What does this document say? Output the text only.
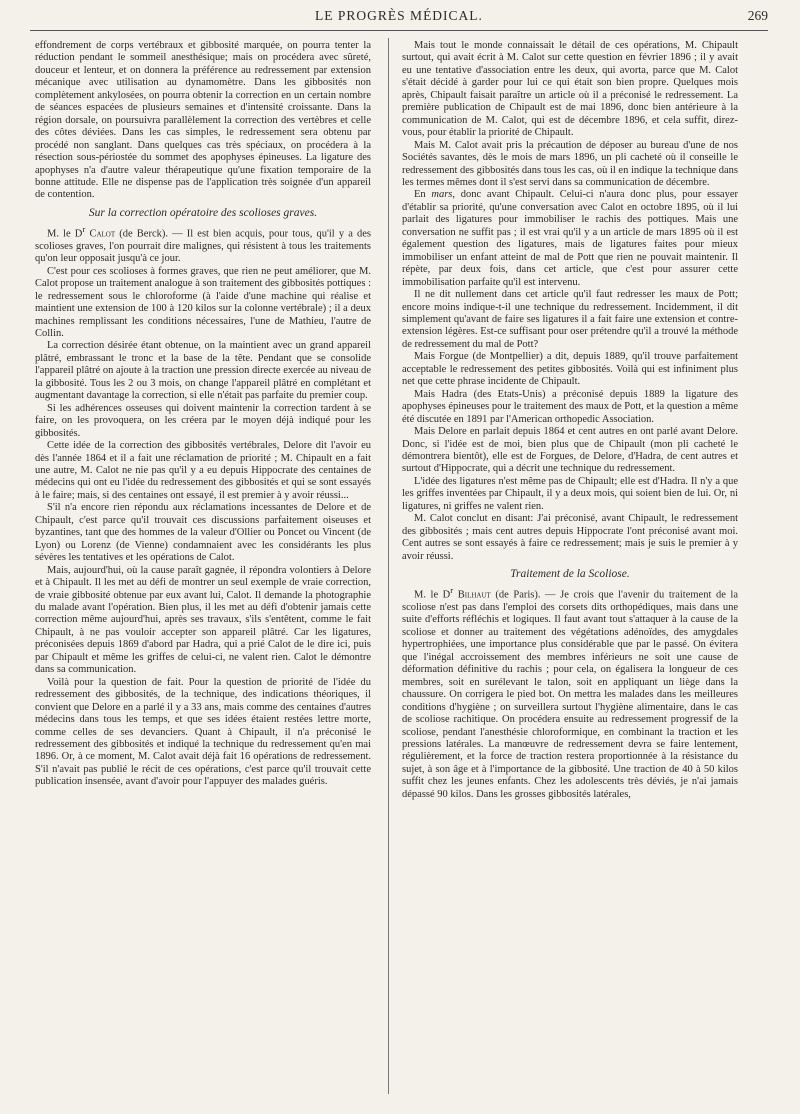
LE PROGRÈS MÉDICAL.	269

effondrement de corps vertébraux et gibbosité marquée, on pourra tenter la réduction pendant le sommeil anesthésique; mais on procédera avec sûreté, douceur et lenteur, et on donnera la préférence au redressement par extension mécanique avec utilisation au dynamomètre. Dans les gibbosités non complètement ankylosées, on pourra obtenir la correction en un certain nombre de séances espacées de plusieurs semaines et d'intensité croissante. Dans la région dorsale, on poursuivra parallèlement la correction des vertèbres et celle des côtes déviées. Dans les cas simples, le redressement sera obtenu par procédé non sanglant. Dans quelques cas très spéciaux, on procédera à la résection sous-périostée du sommet des apophyses épineuses. La ligature des apophyses n'a d'autre valeur thérapeutique qu'une fixation temporaire de la bonne attitude. Elle ne dispense pas de l'application très soignée d'un appareil de contention.

Sur la correction opératoire des scolioses graves.

M. le $D^r$ Calot (de Berck). — Il est bien acquis, pour tous, qu'il y a des scolioses graves, l'on pourrait dire malignes, qui résistent à tous les traitements qu'on leur opposait jusqu'à ce jour.

C'est pour ces scolioses à formes graves, que rien ne peut améliorer, que M. Calot propose un traitement analogue à son traitement des gibbosités pottiques : le redressement sous le chloroforme (à l'aide d'une machine qui réalise et maintient une extension de 100 à 120 kilos sur la colonne vertébrale) ; il a deux machines remplissant les conditions nécessaires, l'une de Mathieu, l'autre de Collin.

La correction désirée étant obtenue, on la maintient avec un grand appareil plâtré, embrassant le tronc et la base de la tête. Pendant que se consolide l'appareil plâtré on ajoute à la traction une pression directe exercée au niveau de la gibbosité. Tous les 2 ou 3 mois, on change l'appareil plâtré en complétant et augmentant davantage la correction, si elle n'était pas parfaite du premier coup.

Si les adhérences osseuses qui doivent maintenir la correction tardent à se faire, on les provoquera, on les créera par le moyen déjà indiqué pour les gibbosités.

Cette idée de la correction des gibbosités vertébrales, Delore dit l'avoir eu dès l'année 1864 et il a fait une réclamation de priorité ; M. Chipault en a fait une autre, M. Calot ne nie pas qu'il y a eu depuis Hippocrate des centaines de médecins qui ont eu l'idée du redressement des gibbosités et qui se sont essayés à le faire; mais, si des centaines ont essayé, il est premier à y avoir réussi...

S'il n'a encore rien répondu aux réclamations incessantes de Delore et de Chipault, c'est parce qu'il trouvait ces discussions parfaitement oiseuses et byzantines, tant que des hommes de la valeur d'Ollier ou Poncet ou Vincent (de Lyon) ou Lorenz (de Vienne) condamnaient avec les considérants les plus sévères les tentatives et les opérations de Calot.

Mais, aujourd'hui, où la cause paraît gagnée, il répondra volontiers à Delore et à Chipault. Il les met au défi de montrer un seul exemple de vraie correction, de vraie gibbosité obtenue par eux avant lui, Calot. Il demande la photographie du malade avant l'opération. Bien plus, il les met au défi d'obtenir jamais cette correction même aujourd'hui, après ses travaux, s'ils s'entêtent, comme le fait Chipault, à ne pas vouloir accepter son appareil plâtré. Car les ligatures, préconisées depuis 1869 d'abord par Hadra, qui a prié Calot de le dire ici, puis par Chipault et même les griffes de celui-ci, ne valent rien. Calot le démontre dans sa communication.

Voilà pour la question de fait. Pour la question de priorité de l'idée du redressement des gibbosités, de la technique, des indications théoriques, il convient que Delore en a parlé il y a 33 ans, mais comme des centaines d'autres médecins dans tous les temps, et que ses idées étaient restées lettre morte, comme celles de ses devanciers. Quant à Chipault, il n'a préconisé le redressement des gibbosités et indiqué la technique du redressement qu'en mai 1896. Or, à ce moment, M. Calot avait déjà fait 16 opérations de redressement. S'il n'avait pas publié le récit de ces opérations, c'est parce qu'il trouvait cette publication insensée, avant d'avoir pour l'appuyer des malades guéris.

Mais tout le monde connaissait le détail de ces opérations, M. Chipault surtout, qui avait écrit à M. Calot sur cette question en février 1896 ; il y avait eu une tentative d'association entre les deux, qui avorta, parce que M. Calot s'était décidé à garder pour lui ce qui était son bien propre. Quelques mois après, Chipault faisait paraître un article où il a préconisé le redressement. La première publication de Chipault est de mai 1896, donc bien antérieure à la communication de M. Calot, qui est de décembre 1896, et cela suffit, direz-vous, pour établir la priorité de Chipault.

Mais M. Calot avait pris la précaution de déposer au bureau d'une de nos Sociétés savantes, dès le mois de mars 1896, un pli cacheté où il conseille le redressement des gibbosités dans tous les cas, où il en indique la technique dans les termes mêmes dont il s'est servi dans sa communication de décembre.

En mars, donc avant Chipault. Celui-ci n'aura donc plus, pour essayer d'établir sa priorité, qu'une conversation avec Calot en octobre 1895, où il lui parlait des ligatures pour immobiliser le rachis des pottiques. Mais une conversation ne suffit pas ; il est vrai qu'il y a un article de mars 1895 où il est également question des ligatures, mais de ligatures faites pour mieux immobiliser un enfant atteint de mal de Pott que rien ne pouvait maintenir. Il répète, par deux fois, dans cet article, que c'est pour assurer cette immobilisation parfaite qu'il est intervenu.

Il ne dit nullement dans cet article qu'il faut redresser les maux de Pott; encore moins indique-t-il une technique du redressement. Incidemment, il dit simplement qu'avant de faire ses ligatures il a fait faire une extension et contre-extension légères. Est-ce suffisant pour oser prétendre qu'il a trouvé la méthode de redressement du mal de Pott?

Mais Forgue (de Montpellier) a dit, depuis 1889, qu'il trouve parfaitement acceptable le redressement des petites gibbosités. Voilà qui est infiniment plus net que cette phrase incidente de Chipault.

Mais Hadra (des Etats-Unis) a préconisé depuis 1889 la ligature des apophyses épineuses pour le traitement des maux de Pott, et la question a même été discutée en 1891 par l'American orthopedic Association.

Mais Delore en parlait depuis 1864 et cent autres en ont parlé avant Delore. Donc, si l'idée est de moi, bien plus que de Chipault (mon pli cacheté le démontrera bientôt), elle est de Forgues, de Delore, d'Hadra, de cent autres et surtout d'Hippocrate, qui a décrit une technique du redressement.

L'idée des ligatures n'est même pas de Chipault; elle est d'Hadra. Il n'y a que les griffes inventées par Chipault, il y a deux mois, qui soient bien de lui. Or, ni ligatures, ni griffes ne valent rien.

M. Calot conclut en disant: J'ai préconisé, avant Chipault, le redressement des gibbosités ; mais cent autres depuis Hippocrate l'ont préconisé avant moi. Cent autres se sont essayés à faire ce redressement; mais je suis le premier à y avoir réussi.

Traitement de la Scoliose.

M. le $D^r$ Bilhaut (de Paris). — Je crois que l'avenir du traitement de la scoliose n'est pas dans l'emploi des corsets dits orthopédiques, mais dans une suite d'efforts réfléchis et logiques. Il faut avant tout s'attaquer à la cause de la scoliose et donner au traitement des végétations adénoïdes, des amygdales hypertrophiées, une importance plus considérable que par le passé. On évitera que l'inégal accroissement des membres inférieurs ne soit une cause de déformation définitive du rachis ; pour cela, on égalisera la longueur de ces membres, soit en surélevant le talon, soit en appliquant un liège dans la chaussure. On corrigera le pied bot. On mettra les malades dans les meilleures conditions d'hygiène ; on surveillera surtout l'hygiène alimentaire, dans le cas de scoliose rachitique. On procédera ensuite au redressement progressif de la scoliose, pendant l'anesthésie chloroformique, en combinant la traction et les pressions latérales. La manœuvre de redressement devra se faire lentement, régulièrement, et la force de traction restera proportionnée à la résistance du sujet, à son âge et à l'importance de la gibbosité. Une traction de 40 à 50 kilos suffit chez les jeunes enfants. Chez les adolescents très déviés, je n'ai jamais dépassé 90 kilos. Dans les grosses gibbosités latérales,
